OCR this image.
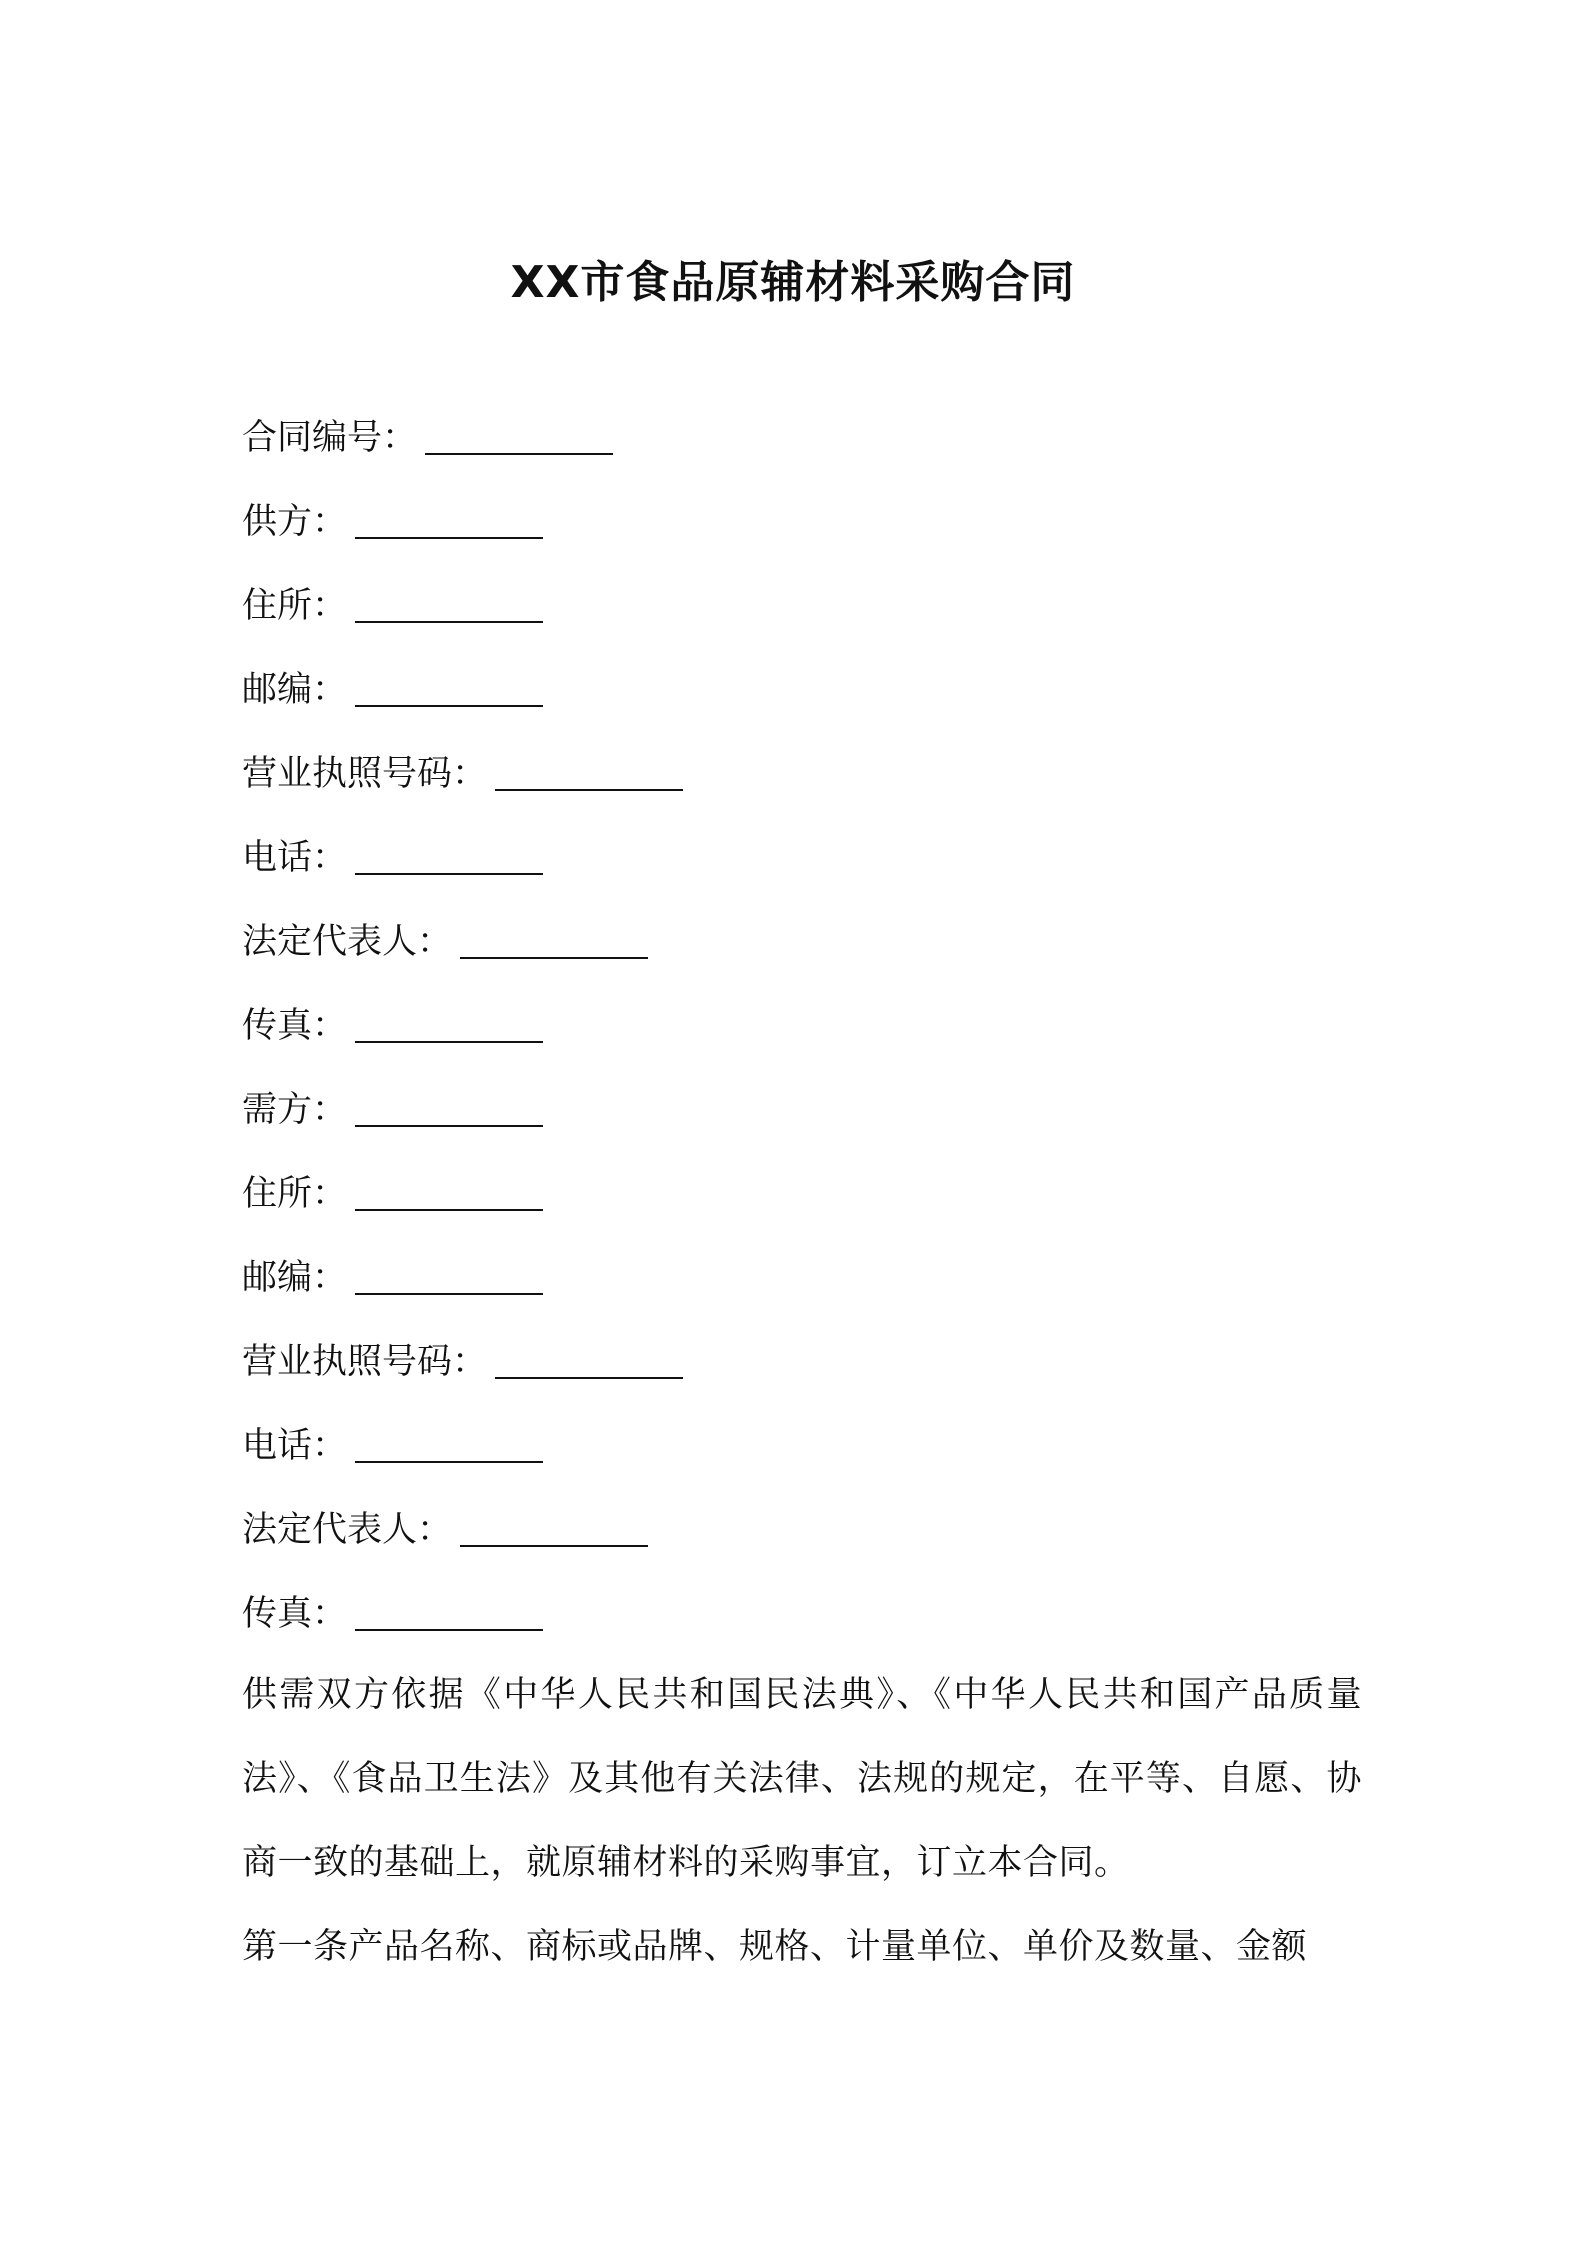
XX市食品原辅材料采购合同
合同编号：
供方：
住所：
邮编：
营业执照号码：
电话：
法定代表人：
传真：
需方：
住所：
邮编：
营业执照号码：
电话：
法定代表人：
传真：

供需双方依据《中华人民共和国民法典》、《中华人民共和国产品质量法》、《食品卫生法》及其他有关法律、法规的规定，在平等、自愿、协商一致的基础上，就原辅材料的采购事宜，订立本合同。

第一条产品名称、商标或品牌、规格、计量单位、单价及数量、金额
